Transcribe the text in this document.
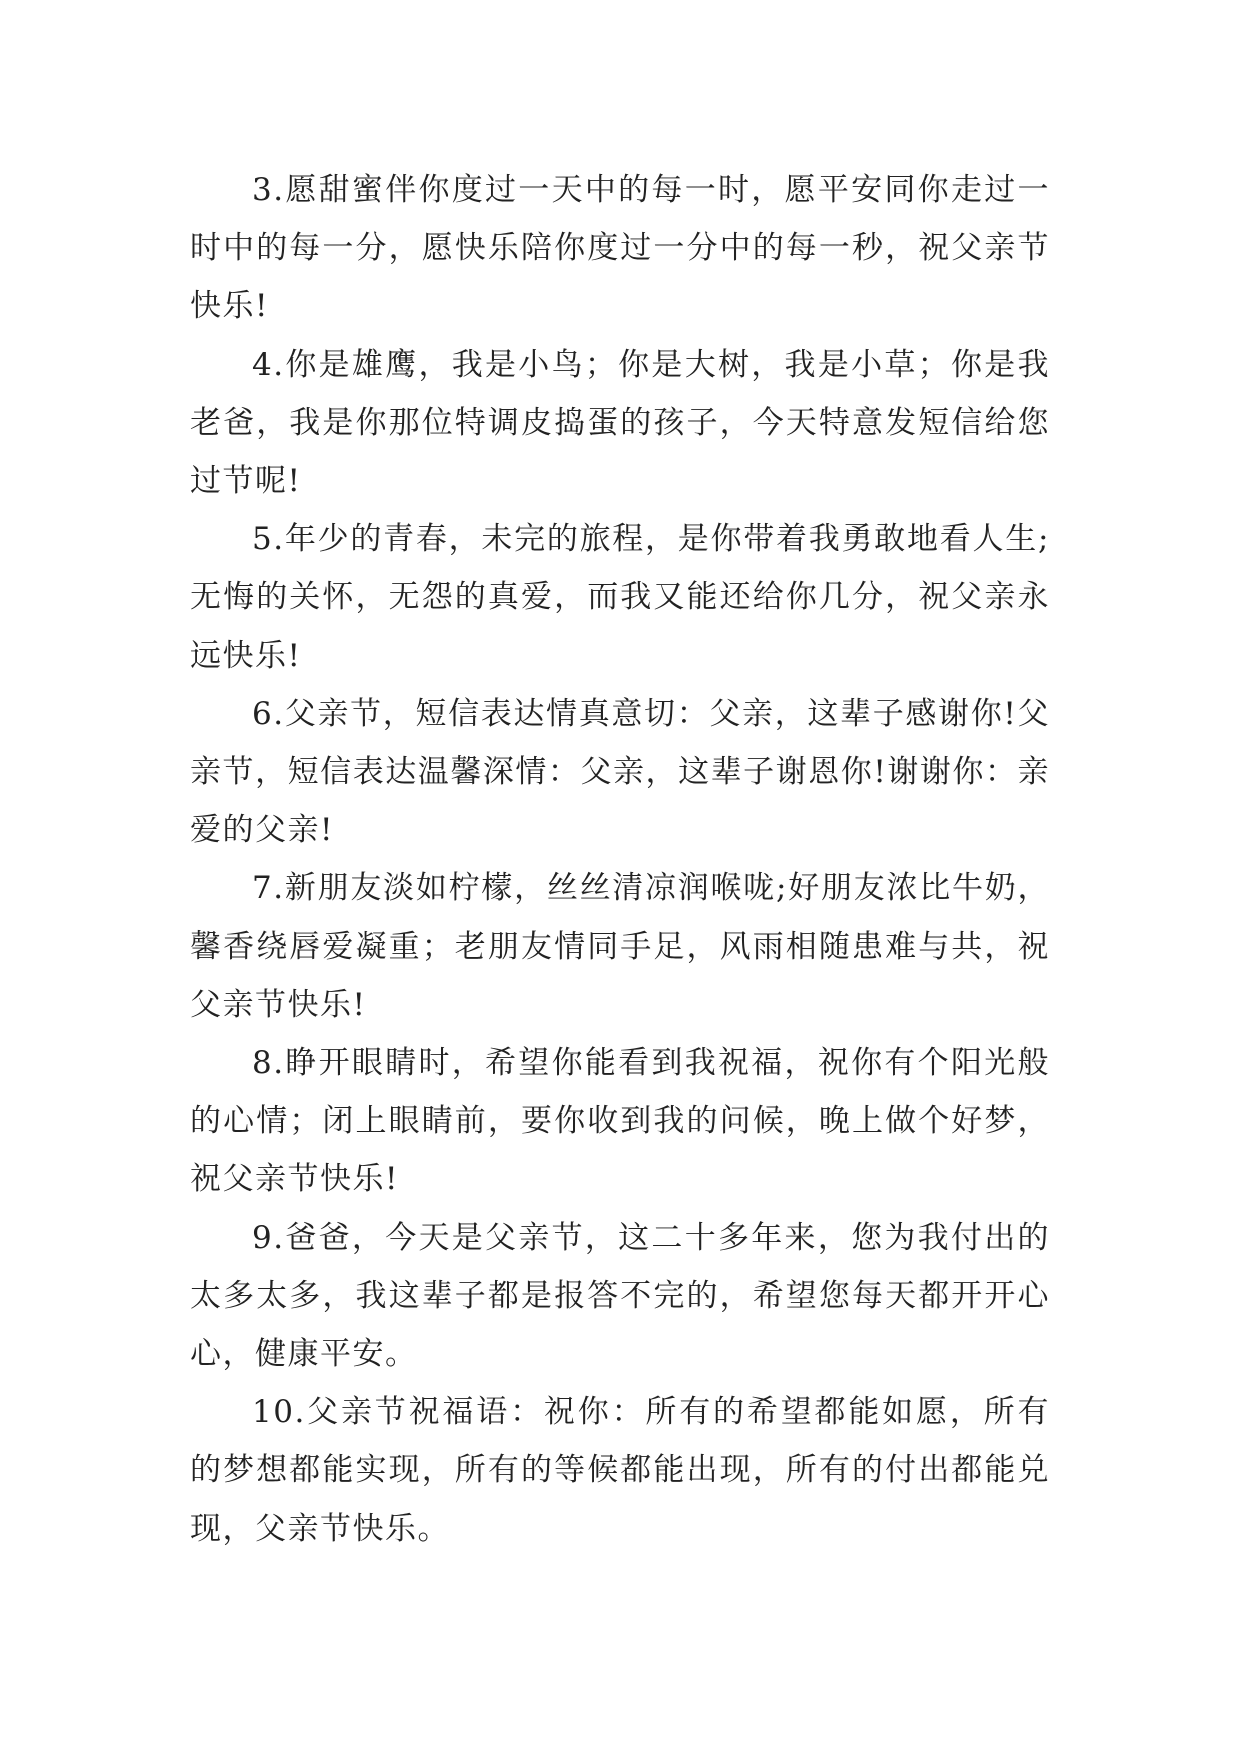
3.愿甜蜜伴你度过一天中的每一时，愿平安同你走过一时中的每一分，愿快乐陪你度过一分中的每一秒，祝父亲节快乐!

4.你是雄鹰，我是小鸟；你是大树，我是小草；你是我老爸，我是你那位特调皮捣蛋的孩子，今天特意发短信给您过节呢!

5.年少的青春，未完的旅程，是你带着我勇敢地看人生;无悔的关怀，无怨的真爱，而我又能还给你几分，祝父亲永远快乐!

6.父亲节，短信表达情真意切：父亲，这辈子感谢你!父亲节，短信表达温馨深情：父亲，这辈子谢恩你!谢谢你：亲爱的父亲!

7.新朋友淡如柠檬，丝丝清凉润喉咙;好朋友浓比牛奶，馨香绕唇爱凝重；老朋友情同手足，风雨相随患难与共，祝父亲节快乐!

8.睁开眼睛时，希望你能看到我祝福，祝你有个阳光般的心情；闭上眼睛前，要你收到我的问候，晚上做个好梦，祝父亲节快乐!

9.爸爸，今天是父亲节，这二十多年来，您为我付出的太多太多，我这辈子都是报答不完的，希望您每天都开开心心，健康平安。

10.父亲节祝福语：祝你：所有的希望都能如愿，所有的梦想都能实现，所有的等候都能出现，所有的付出都能兑现，父亲节快乐。
